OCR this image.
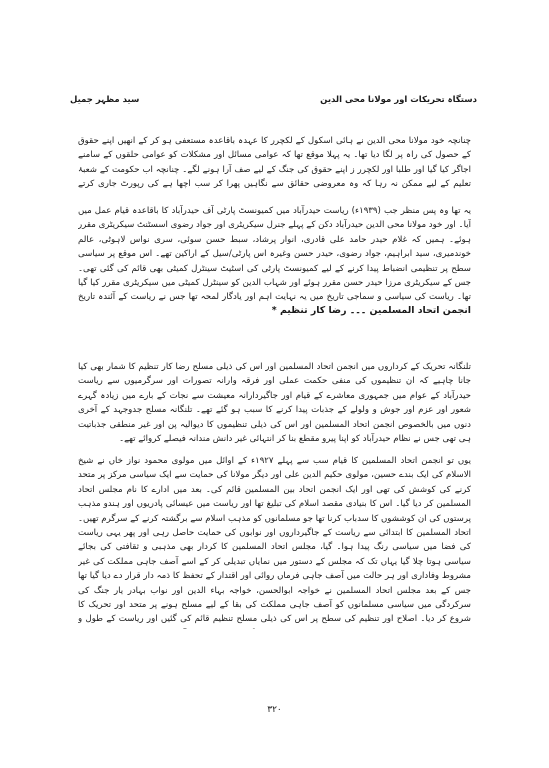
دستگاہ تحریکات اور مولانا محی الدین
سید مظہر جمیل

چنانچہ خود مولانا محی الدین نے ہائی اسکول کے لکچرر کا عہدہ باقاعدہ مستعفی ہو کر کے انھیں اپنے حقوق کے حصول کی راہ پر لگا دیا تھا۔ یہ پہلا موقع تھا کہ عوامی مسائل اور مشکلات کو عوامی حلقوں کے سامنے اجاگر کیا گیا اور طلبا اور لکچرر ز اپنے حقوق کی جنگ کے لیے صف آرا ہونے لگے۔ چنانچہ اب حکومت کے شعبۂ تعلیم کے لیے ممکن نہ رہا کہ وہ معروضی حقائق سے نگاہیں پھرا کر سب اچھا ہے کی رپورٹ جاری کرتے

یہ تھا وہ پس منظر جب (۱۹۳۹ء) ریاست حیدرآباد میں کمیونسٹ پارٹی آف حیدرآباد کا باقاعدہ قیام عمل میں آیا۔ اور خود مولانا محی الدین حیدرآباد دکن کے پہلے جنرل سیکریٹری اور جواد رضوی اسسٹنٹ سیکریٹری مقرر ہوئے۔ ہمیں کہ غلام حیدر حامد علی قادری، انوار پرشاد، سبط حسن سوئی، سری نواس لاہوٹی، عالم خوندمیری، سید ابراہیم، جواد رضوی، حیدر حسن وغیرہ اس پارٹی/سیل کے اراکین تھے۔ اس موقع پر سیاسی سطح پر تنظیمی انضباط پیدا کرنے کے لیے کمیونسٹ پارٹی کی اسٹیٹ سینٹرل کمیٹی بھی قائم کی گئی تھی۔ جس کے سیکریٹری مرزا حیدر حسن مقرر ہوئے اور شہاب الدین کو سینٹرل کمیٹی میں سیکریٹری مقرر کیا گیا تھا۔ ریاست کی سیاسی و سماجی تاریخ میں یہ نہایت اہم اور یادگار لمحہ تھا جس نے ریاست کے آئندہ تاریخ

انجمن اتحاد المسلمین ۔۔۔ رضا کار تنظیم *

تلنگانہ تحریک کے کرداروں میں انجمن اتحاد المسلمین اور اس کی ذیلی مسلح رضا کار تنظیم کا شمار بھی کیا جانا چاہیے کہ ان تنظیموں کی منفی حکمت عملی اور فرقہ وارانہ تصورات اور سرگرمیوں سے ریاست حیدرآباد کے عوام میں جمہوری معاشرے کے قیام اور جاگیردارانہ معیشت سے نجات کے بارے میں زیادہ گہرے شعور اور عزم اور جوش و ولولے کے جذبات پیدا کرنے کا سبب ہو گئے تھے۔ تلنگانہ مسلح جدوجہد کے آخری دنوں میں بالخصوص انجمن اتحاد المسلمین اور اس کی ذیلی تنظیموں کا دیوالیہ پن اور غیر منطقی جذباتیت ہی تھی جس نے نظام حیدرآباد کو اپنا پیرو مقطع بنا کر انتہائی غیر دانش مندانہ فیصلے کروائے تھے۔

یوں تو انجمن اتحاد المسلمین کا قیام سب سے پہلے ۱۹۲۷ء کے اوائل میں مولوی محمود نواز خاں نے شیخ الاسلام کی ایک بندے حسین، مولوی حکیم الدین علی اور دیگر مولانا کی حمایت سے ایک سیاسی مرکز پر متحد کرنے کی کوشش کی تھی اور ایک انجمن اتحاد بین المسلمین قائم کی۔ بعد میں ادارے کا نام مجلس اتحاد المسلمین کر دیا گیا۔ اس کا بنیادی مقصد اسلام کی تبلیغ تھا اور ریاست میں عیسائی پادریوں اور ہندو مذہب پرستوں کی ان کوششوں کا سدباب کرنا تھا جو مسلمانوں کو مذہب اسلام سے برگشتہ کرنے کے سرگرم تھیں۔ اتحاد المسلمین کا ابتدائی سے ریاست کے جاگیرداروں اور نوابوں کی حمایت حاصل رہی اور پھر یہی ریاست کی فضا میں سیاسی رنگ پیدا ہوا۔ گیا، مجلس اتحاد المسلمین کا کردار بھی مذہبی و ثقافتی کی بجائے سیاسی ہوتا چلا گیا یہاں تک کہ مجلس کے دستور میں نمایاں تبدیلی کر کے اسے آصف جاہی مملکت کی غیر مشروط وفاداری اور ہر حالت میں آصف جاہی فرماں روائی اور اقتدار کے تحفظ کا ذمہ دار قرار دے دیا گیا تھا جس کے بعد مجلس اتحاد المسلمین نے خواجہ ابوالحسن، خواجہ بہاء الدین اور نواب بہادر یار جنگ کی سرکردگی میں سیاسی مسلمانوں کو آصف جاہی مملکت کی بقا کے لیے مسلح ہونے پر متحد اور تحریک کا شروع کر دیا۔ اصلاح اور تنظیم کی سطح پر اس کی ذیلی مسلح تنظیم قائم کی گئیں اور ریاست کے طول و

۳۲۰
